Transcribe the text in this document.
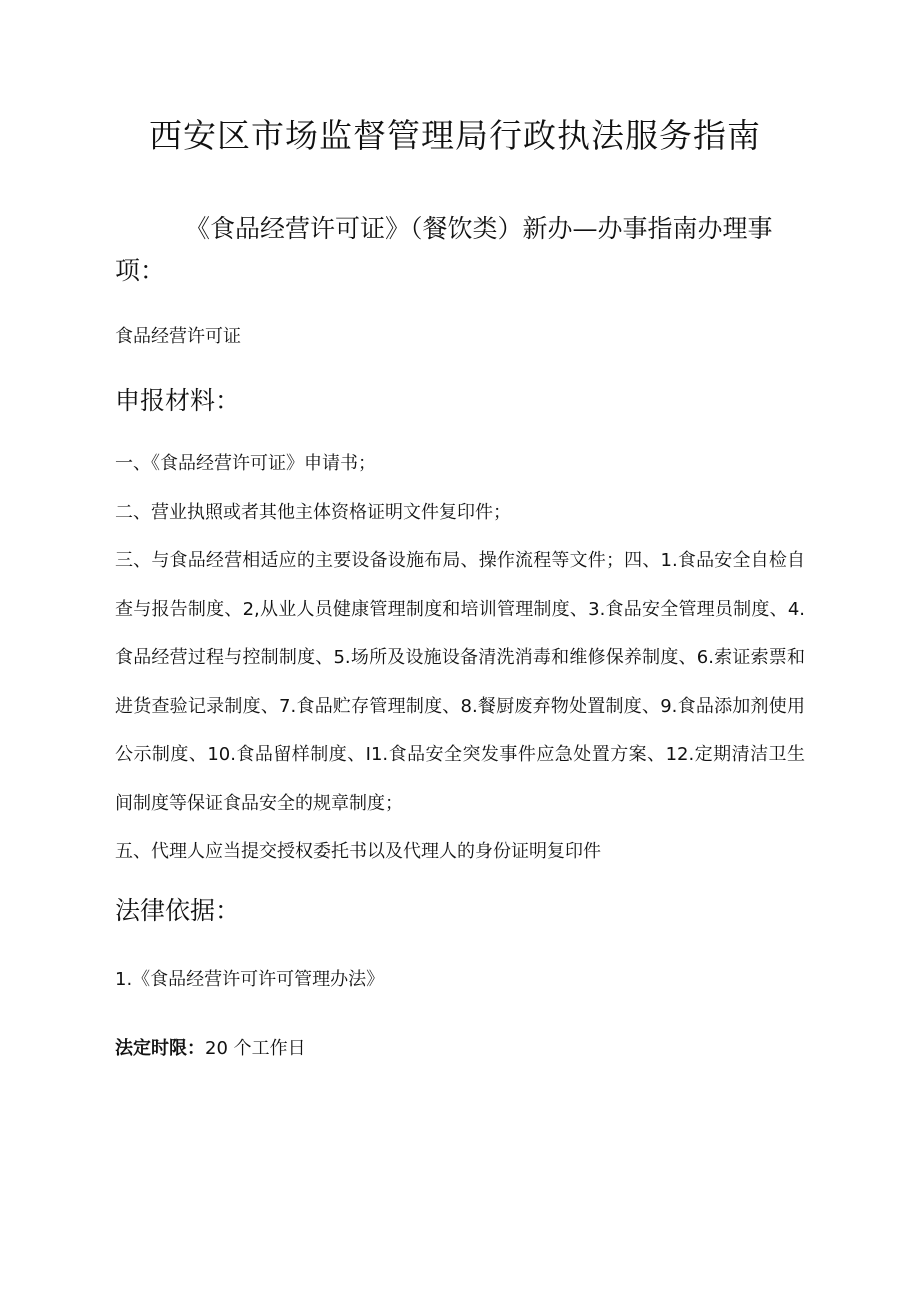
西安区市场监督管理局行政执法服务指南
《食品经营许可证》（餐饮类）新办—办事指南办理事项：

食品经营许可证

申报材料：
一、《食品经营许可证》申请书；
二、营业执照或者其他主体资格证明文件复印件；
三、与食品经营相适应的主要设备设施布局、操作流程等文件；四、1.食品安全自检自查与报告制度、2,从业人员健康管理制度和培训管理制度、3.食品安全管理员制度、4.食品经营过程与控制制度、5.场所及设施设备清洗消毒和维修保养制度、6.索证索票和进货查验记录制度、7.食品贮存管理制度、8.餐厨废弃物处置制度、9.食品添加剂使用公示制度、10.食品留样制度、I1.食品安全突发事件应急处置方案、12.定期清洁卫生间制度等保证食品安全的规章制度；
五、代理人应当提交授权委托书以及代理人的身份证明复印件
法律依据：

1.《食品经营许可许可管理办法》

法定时限：20 个工作日
